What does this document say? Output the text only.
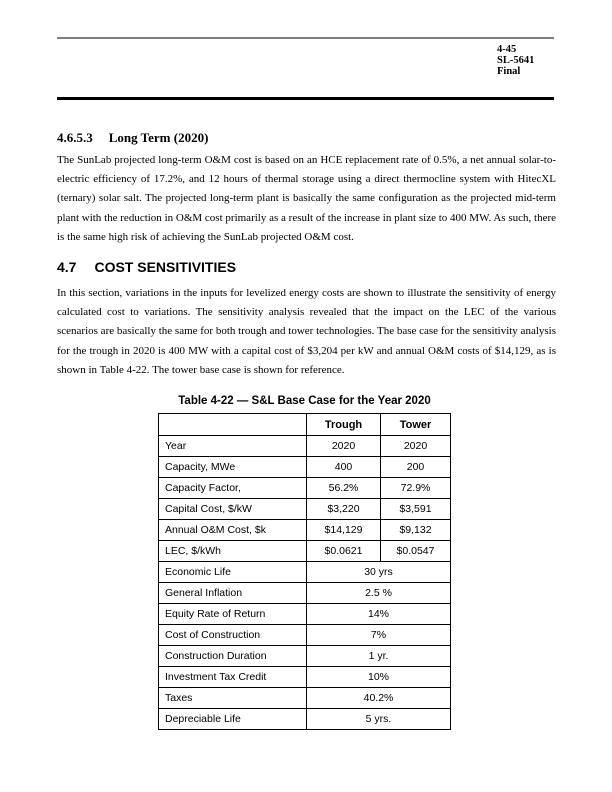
4-45
SL-5641
Final
4.6.5.3 Long Term (2020)

The SunLab projected long-term O&M cost is based on an HCE replacement rate of 0.5%, a net annual solar-to-electric efficiency of 17.2%, and 12 hours of thermal storage using a direct thermocline system with HitecXL (ternary) solar salt. The projected long-term plant is basically the same configuration as the projected mid-term plant with the reduction in O&M cost primarily as a result of the increase in plant size to 400 MW. As such, there is the same high risk of achieving the SunLab projected O&M cost.

4.7 COST SENSITIVITIES

In this section, variations in the inputs for levelized energy costs are shown to illustrate the sensitivity of energy calculated cost to variations. The sensitivity analysis revealed that the impact on the LEC of the various scenarios are basically the same for both trough and tower technologies. The base case for the sensitivity analysis for the trough in 2020 is 400 MW with a capital cost of $3,204 per kW and annual O&M costs of $14,129, as is shown in Table 4-22. The tower base case is shown for reference.

Table 4-22 — S&L Base Case for the Year 2020
	Trough	Tower
Year	2020	2020
Capacity, MWe	400	200
Capacity Factor,	56.2%	72.9%
Capital Cost, $/kW	$3,220	$3,591
Annual O&M Cost, $k	$14,129	$9,132
LEC, $/kWh	$0.0621	$0.0547
Economic Life	30 yrs	
General Inflation	2.5 %	
Equity Rate of Return	14%	
Cost of Construction	7%	
Construction Duration	1 yr.	
Investment Tax Credit	10%	
Taxes	40.2%	
Depreciable Life	5 yrs.	
